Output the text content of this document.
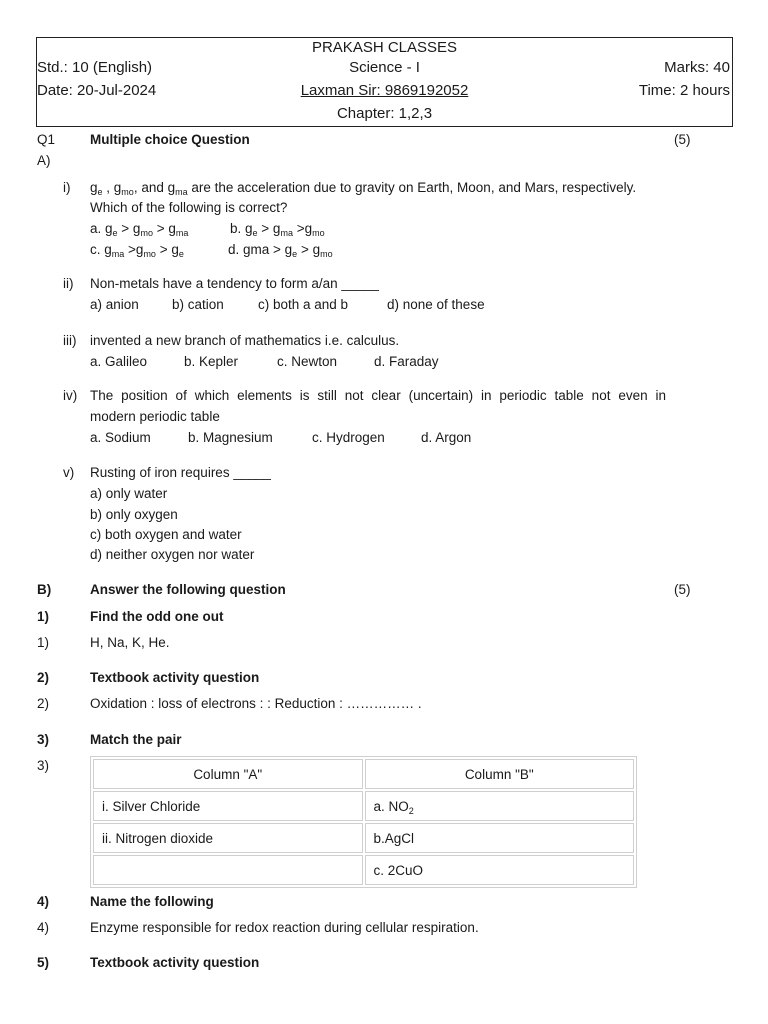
PRAKASH CLASSES
Std.: 10 (English)	Science - I	Marks: 40
Date: 20-Jul-2024	Laxman Sir: 9869192052	Time: 2 hours
Chapter: 1,2,3
Q1	Multiple choice Question	(5)
A)
i) $g_e$ , $g_{mo}$, and $g_{ma}$ are the acceleration due to gravity on Earth, Moon, and Mars, respectively.
Which of the following is correct?
a. $g_e > g_{mo} > g_{ma}$	b. $g_e > g_{ma} >g_{mo}$
c. $g_{ma} >g_{mo} > g_e$	d. gma > $g_e > g_{mo}$
ii) Non-metals have a tendency to form a/an _____
a) anion b) cation	c) both a and b	d) none of these
iii) invented a new branch of mathematics i.e. calculus.
a. Galileo	b. Kepler	c. Newton	d. Faraday
iv) The position of which elements is still not clear (uncertain) in periodic table not even in
modern periodic table
a. Sodium	b. Magnesium	c. Hydrogen	d. Argon
v) Rusting of iron requires _____
a) only water
b) only oxygen
c) both oxygen and water
d) neither oxygen nor water
B)	Answer the following question	(5)
1)	Find the odd one out
1)	H, Na, K, He.
2)	Textbook activity question
2)	Oxidation : loss of electrons : : Reduction : …………… .
3)	Match the pair
3)
Column "A"	Column "B"
i. Silver Chloride	a. $NO_2$
ii. Nitrogen dioxide	b.AgCl
	c. 2CuO
4)	Name the following
4)	Enzyme responsible for redox reaction during cellular respiration.
5)	Textbook activity question
